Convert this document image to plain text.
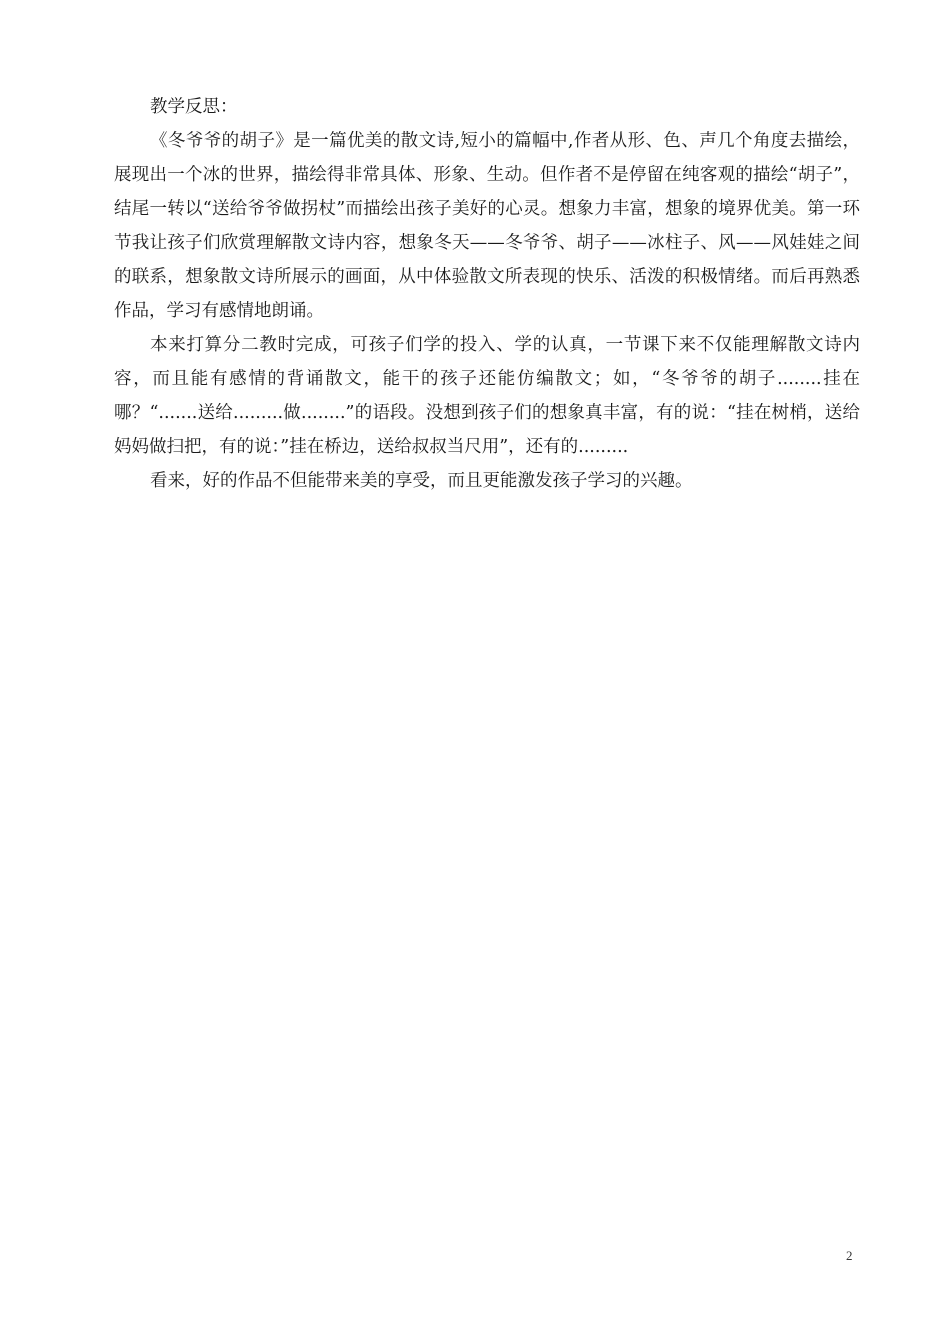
教学反思：

《冬爷爷的胡子》是一篇优美的散文诗,短小的篇幅中,作者从形、色、声几个角度去描绘，展现出一个冰的世界，描绘得非常具体、形象、生动。但作者不是停留在纯客观的描绘“胡子”，结尾一转以“送给爷爷做拐杖”而描绘出孩子美好的心灵。想象力丰富，想象的境界优美。第一环节我让孩子们欣赏理解散文诗内容，想象冬天——冬爷爷、胡子——冰柱子、风——风娃娃之间的联系，想象散文诗所展示的画面，从中体验散文所表现的快乐、活泼的积极情绪。而后再熟悉作品，学习有感情地朗诵。

本来打算分二教时完成，可孩子们学的投入、学的认真，一节课下来不仅能理解散文诗内容，而且能有感情的背诵散文，能干的孩子还能仿编散文；如，“冬爷爷的胡子........挂在哪？“.......送给.........做........”的语段。没想到孩子们的想象真丰富，有的说：“挂在树梢，送给妈妈做扫把，有的说：”挂在桥边，送给叔叔当尺用”，还有的.........

看来，好的作品不但能带来美的享受，而且更能激发孩子学习的兴趣。

2
